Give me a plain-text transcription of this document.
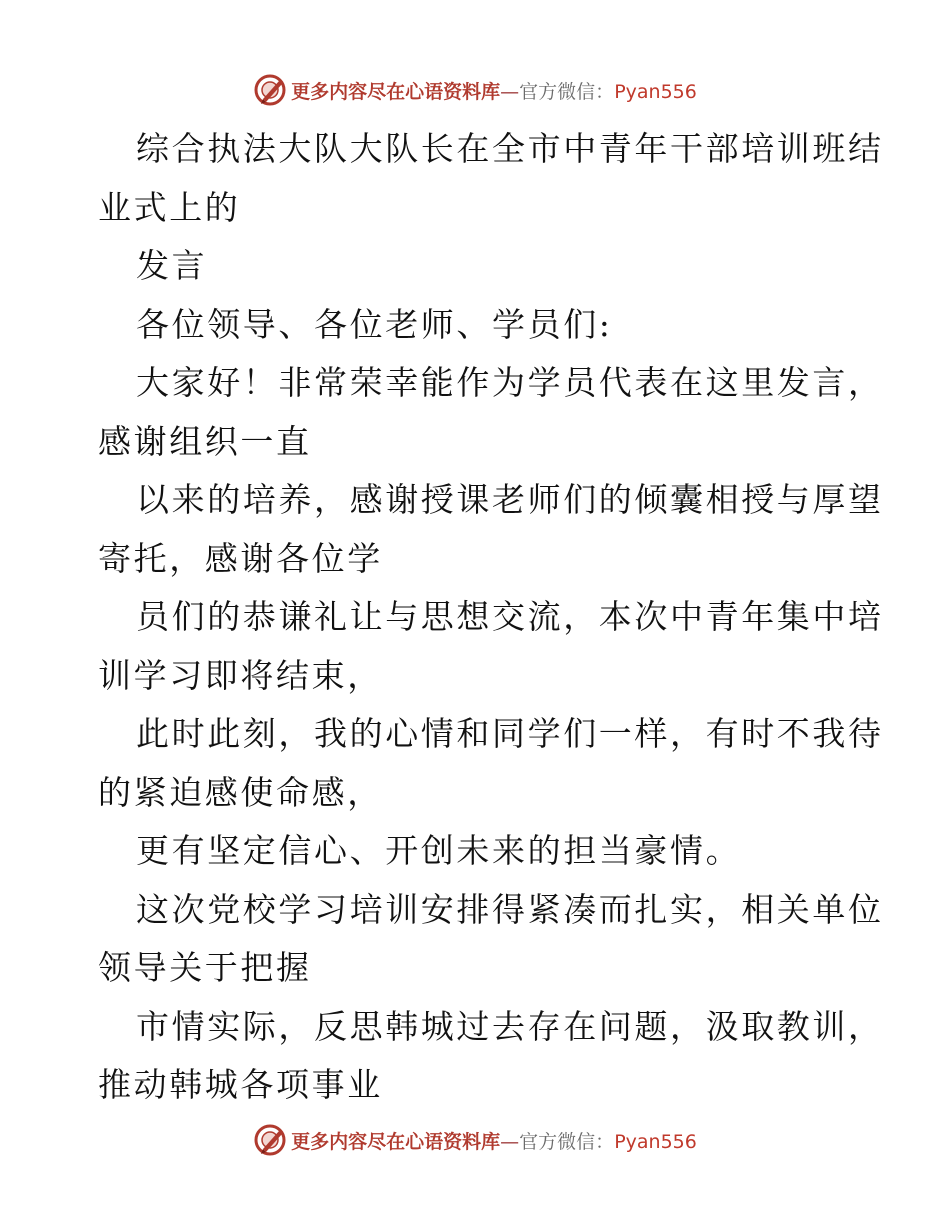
更多内容尽在心语资料库—官方微信：Pyan556

综合执法大队大队长在全市中青年干部培训班结
业式上的

发言

各位领导、各位老师、学员们:

大家好！非常荣幸能作为学员代表在这里发言，
感谢组织一直

以来的培养，感谢授课老师们的倾囊相授与厚望
寄托，感谢各位学

员们的恭谦礼让与思想交流，本次中青年集中培
训学习即将结束，

此时此刻，我的心情和同学们一样，有时不我待
的紧迫感使命感，

更有坚定信心、开创未来的担当豪情。

这次党校学习培训安排得紧凑而扎实，相关单位
领导关于把握

市情实际，反思韩城过去存在问题，汲取教训，
推动韩城各项事业

更多内容尽在心语资料库—官方微信：Pyan556
